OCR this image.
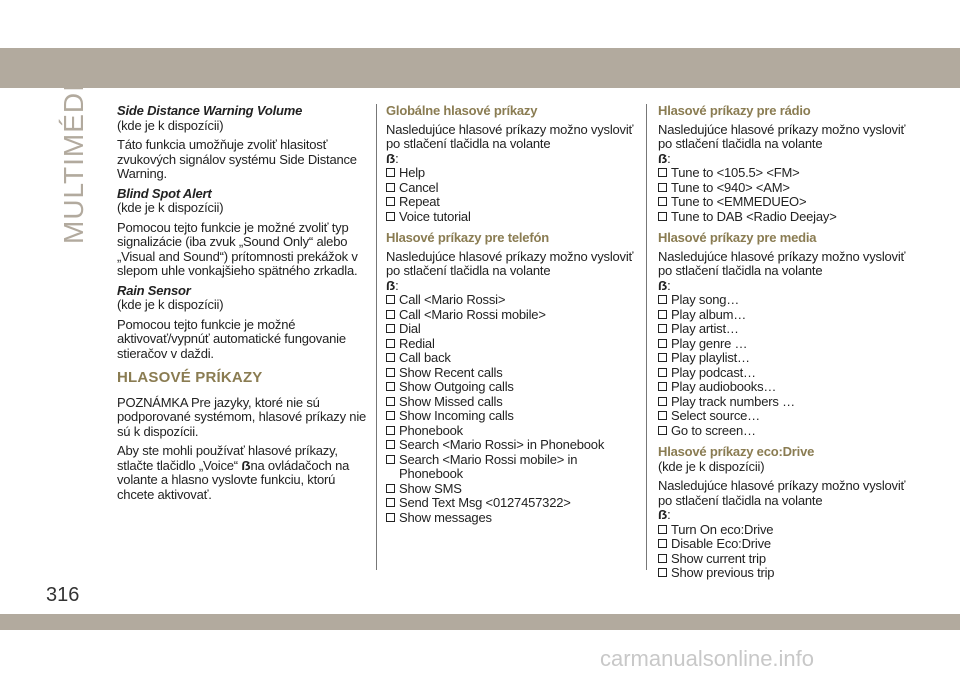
MULTIMÉDIÁ Side Distance Warning Volume

(kde je k dispozícii)

Táto funkcia umožňuje zvoliť hlasitosť zvukových signálov systému Side Distance Warning.

Blind Spot Alert

(kde je k dispozícii)

Pomocou tejto funkcie je možné zvoliť typ signalizácie (iba zvuk „Sound Only“ alebo „Visual and Sound“) prítomnosti prekážok v slepom uhle vonkajšieho spätného zrkadla.

Rain Sensor

(kde je k dispozícii)

Pomocou tejto funkcie je možné aktivovať/vypnúť automatické fungovanie stieračov v daždi.

HLASOVÉ PRÍKAZY

POZNÁMKA Pre jazyky, ktoré nie sú podporované systémom, hlasové príkazy nie sú k dispozícii.

Aby ste mohli používať hlasové príkazy, stlačte tlačidlo „Voice“ ẞna ovládačoch na volante a hlasno vyslovte funkciu, ktorú chcete aktivovať.

Globálne hlasové príkazy

Nasledujúce hlasové príkazy možno vysloviť po stlačení tlačidla na volante
ẞ:

Help
Cancel
Repeat
Voice tutorial

Hlasové príkazy pre telefón

Nasledujúce hlasové príkazy možno vysloviť po stlačení tlačidla na volante
ẞ:

Call <Mario Rossi>
Call <Mario Rossi mobile>
Dial
Redial
Call back
Show Recent calls
Show Outgoing calls
Show Missed calls
Show Incoming calls
Phonebook
Search <Mario Rossi> in Phonebook
Search <Mario Rossi mobile> in Phonebook
Show SMS
Send Text Msg <0127457322>
Show messages

Hlasové príkazy pre rádio

Nasledujúce hlasové príkazy možno vysloviť po stlačení tlačidla na volante
ẞ:

Tune to <105.5> <FM>
Tune to <940> <AM>
Tune to <EMMEDUEO>
Tune to DAB <Radio Deejay>

Hlasové príkazy pre media

Nasledujúce hlasové príkazy možno vysloviť po stlačení tlačidla na volante
ẞ:

Play song…
Play album…
Play artist…
Play genre …
Play playlist…
Play podcast…
Play audiobooks…
Play track numbers …
Select source…
Go to screen…

Hlasové príkazy eco:Drive

(kde je k dispozícii)

Nasledujúce hlasové príkazy možno vysloviť po stlačení tlačidla na volante
ẞ:

Turn On eco:Drive
Disable Eco:Drive
Show current trip
Show previous trip
316
carmanualsonline.info
